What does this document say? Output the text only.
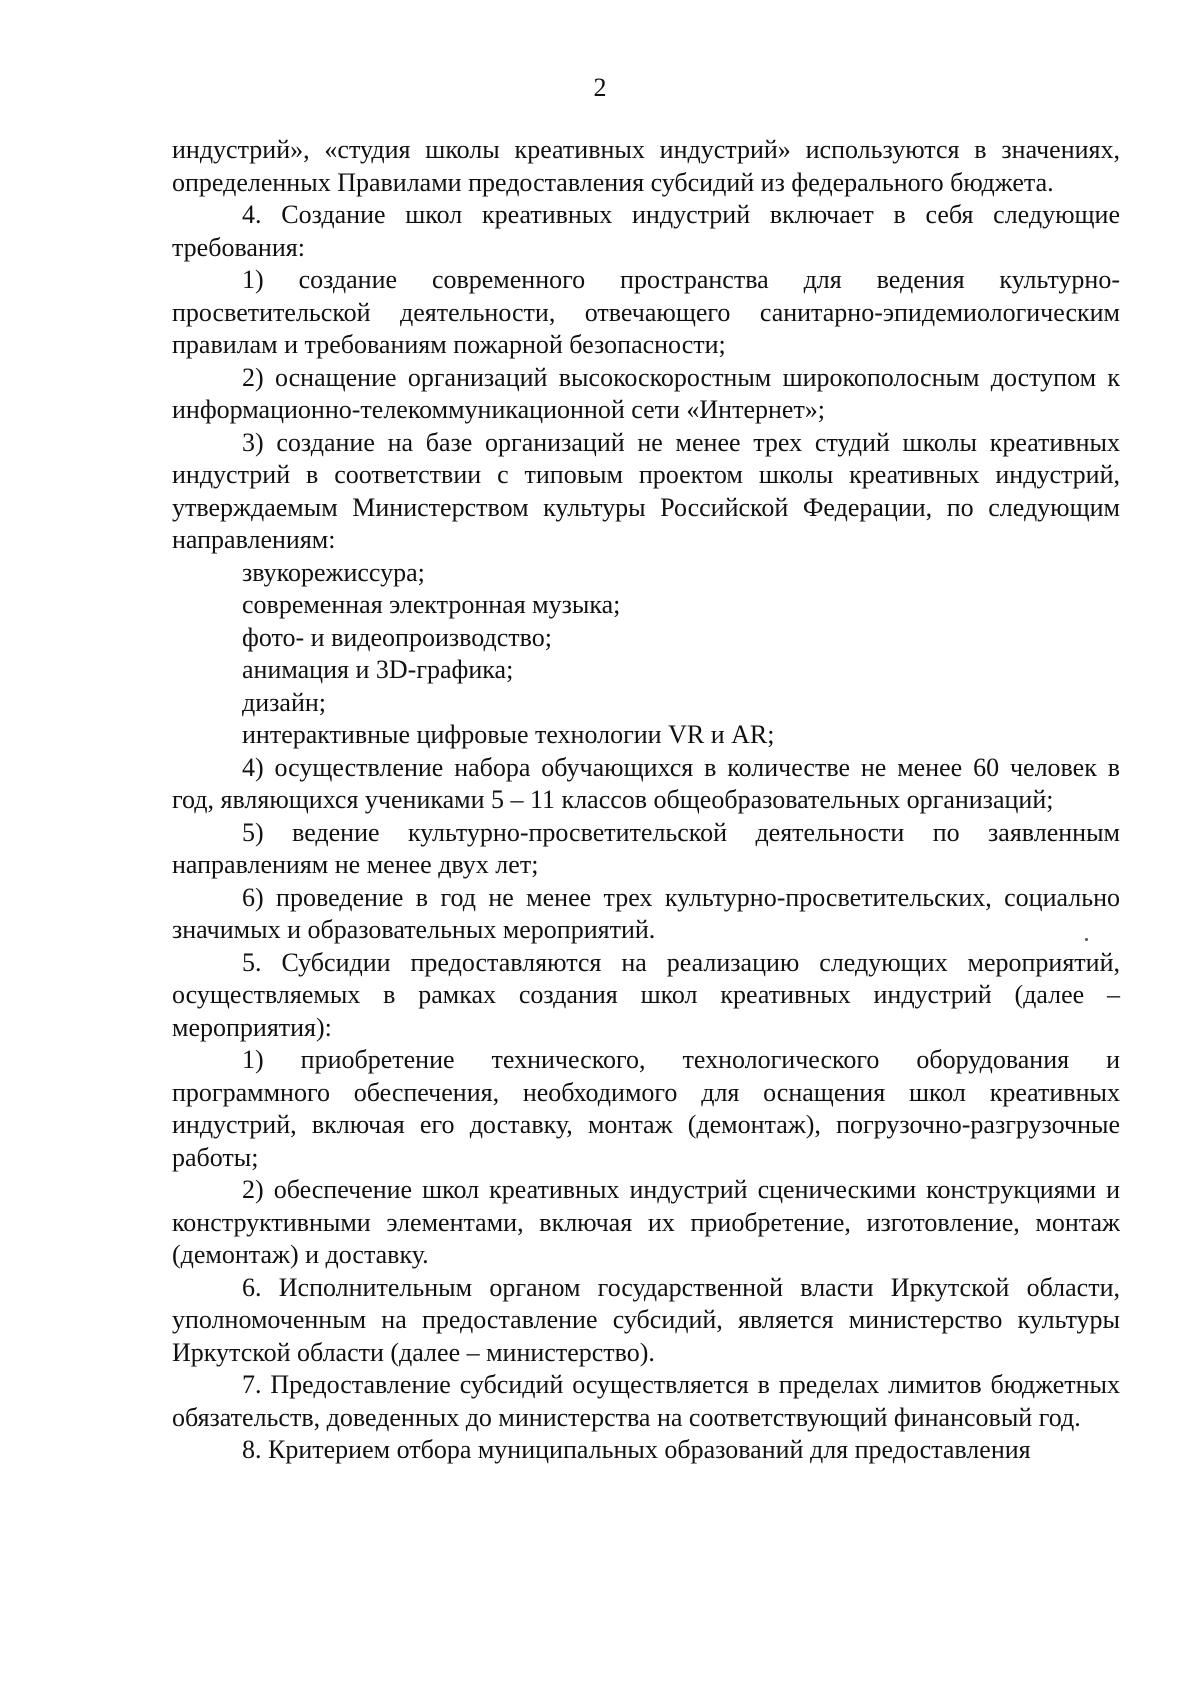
2

индустрий», «студия школы креативных индустрий» используются в значениях, определенных Правилами предоставления субсидий из федерального бюджета.

4. Создание школ креативных индустрий включает в себя следующие требования:

1) создание современного пространства для ведения культурно-просветительской деятельности, отвечающего санитарно-эпидемиологическим правилам и требованиям пожарной безопасности;

2) оснащение организаций высокоскоростным широкополосным доступом к информационно-телекоммуникационной сети «Интернет»;

3) создание на базе организаций не менее трех студий школы креативных индустрий в соответствии с типовым проектом школы креативных индустрий, утверждаемым Министерством культуры Российской Федерации, по следующим направлениям:

звукорежиссура;

современная электронная музыка;

фото- и видеопроизводство;

анимация и 3D-графика;

дизайн;

интерактивные цифровые технологии VR и AR;

4) осуществление набора обучающихся в количестве не менее 60 человек в год, являющихся учениками 5 – 11 классов общеобразовательных организаций;

5) ведение культурно-просветительской деятельности по заявленным направлениям не менее двух лет;

6) проведение в год не менее трех культурно-просветительских, социально значимых и образовательных мероприятий.

5. Субсидии предоставляются на реализацию следующих мероприятий, осуществляемых в рамках создания школ креативных индустрий (далее – мероприятия):

1) приобретение технического, технологического оборудования и программного обеспечения, необходимого для оснащения школ креативных индустрий, включая его доставку, монтаж (демонтаж), погрузочно-разгрузочные работы;

2) обеспечение школ креативных индустрий сценическими конструкциями и конструктивными элементами, включая их приобретение, изготовление, монтаж (демонтаж) и доставку.

6. Исполнительным органом государственной власти Иркутской области, уполномоченным на предоставление субсидий, является министерство культуры Иркутской области (далее – министерство).

7. Предоставление субсидий осуществляется в пределах лимитов бюджетных обязательств, доведенных до министерства на соответствующий финансовый год.

8. Критерием отбора муниципальных образований для предоставления
